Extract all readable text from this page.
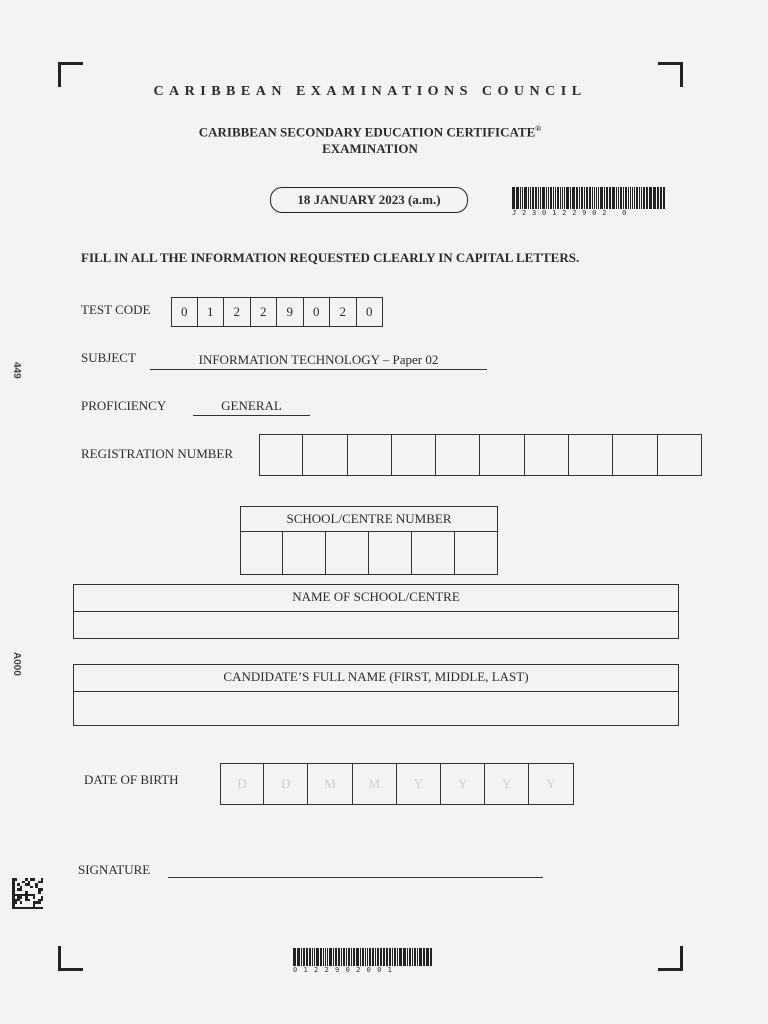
449
A000
CARIBBEAN EXAMINATIONS COUNCIL
CARIBBEAN SECONDARY EDUCATION CERTIFICATE®
EXAMINATION
18 JANUARY 2023 (a.m.)
J230122902 0
FILL IN ALL THE INFORMATION REQUESTED CLEARLY IN CAPITAL LETTERS.
TEST CODE	0	1	2	2	9	0	2	0
SUBJECT	INFORMATION TECHNOLOGY – Paper 02
PROFICIENCY	GENERAL
REGISTRATION NUMBER
SCHOOL/CENTRE NUMBER
NAME OF SCHOOL/CENTRE
CANDIDATE’S FULL NAME (FIRST, MIDDLE, LAST)
DATE OF BIRTH	D	D	M	M	Y	Y	Y	Y
SIGNATURE
0122902001
